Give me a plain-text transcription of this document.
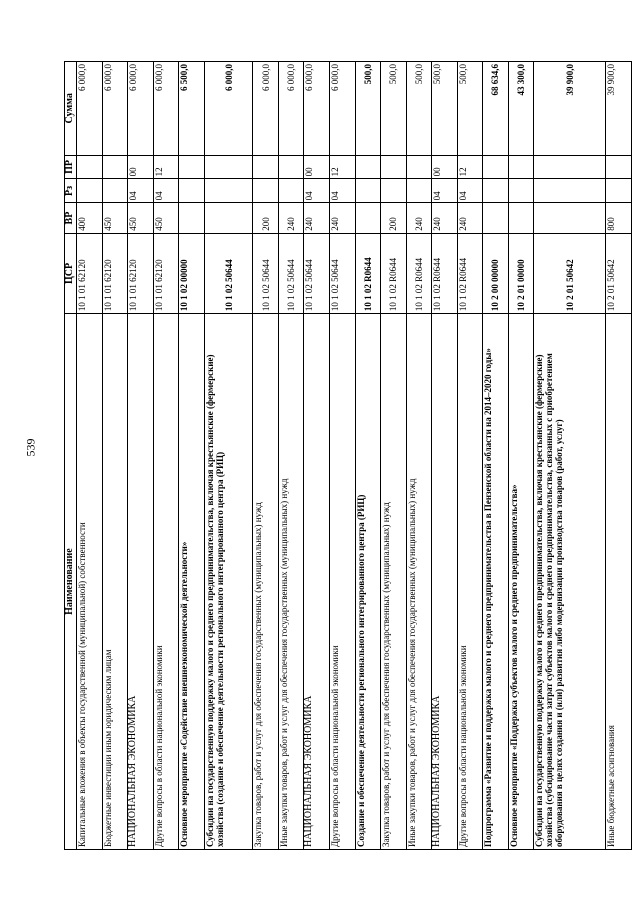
539
Наименование	ЦСР	ВР	Рз	ПР	Сумма
Капитальные вложения в объекты государственной (муниципальной) собственности	10 1 01 62120	400			6 000,0
Бюджетные инвестиции иным юридическим лицам	10 1 01 62120	450			6 000,0
НАЦИОНАЛЬНАЯ ЭКОНОМИКА	10 1 01 62120	450	04	00	6 000,0
Другие вопросы в области национальной экономики	10 1 01 62120	450	04	12	6 000,0
Основное мероприятие «Содействие внешнеэкономической деятельности»	10 1 02 00000				6 500,0
Субсидии на государственную поддержку малого и среднего предпринимательства, включая крестьянские (фермерские) хозяйства (создание и обеспечение деятельности регионального интегрированного центра (РИЦ)	10 1 02 50644				6 000,0
Закупка товаров, работ и услуг для обеспечения государственных (муниципальных) нужд	10 1 02 50644	200			6 000,0
Иные закупки товаров, работ и услуг для обеспечения государственных (муниципальных) нужд	10 1 02 50644	240			6 000,0
НАЦИОНАЛЬНАЯ ЭКОНОМИКА	10 1 02 50644	240	04	00	6 000,0
Другие вопросы в области национальной экономики	10 1 02 50644	240	04	12	6 000,0
Создание и обеспечение деятельности регионального интегрированного центра (РИЦ)	10 1 02 R0644				500,0
Закупка товаров, работ и услуг для обеспечения государственных (муниципальных) нужд	10 1 02 R0644	200			500,0
Иные закупки товаров, работ и услуг для обеспечения государственных (муниципальных) нужд	10 1 02 R0644	240			500,0
НАЦИОНАЛЬНАЯ ЭКОНОМИКА	10 1 02 R0644	240	04	00	500,0
Другие вопросы в области национальной экономики	10 1 02 R0644	240	04	12	500,0
Подпрограмма «Развитие и поддержка малого и среднего предпринимательства в Пензенской области на 2014–2020 годы»	10 2 00 00000				68 634,6
Основное мероприятие «Поддержка субъектов малого и среднего предпринимательства»	10 2 01 00000				43 300,0
Субсидии на государственную поддержку малого и среднего предпринимательства, включая крестьянские (фермерские) хозяйства (субсидирование части затрат субъектов малого и среднего предпринимательства, связанных с приобретением оборудования в целях создания и (или) развития либо модернизации производства товаров (работ, услуг)	10 2 01 50642				39 900,0
Иные бюджетные ассигнования	10 2 01 50642	800			39 900,0
